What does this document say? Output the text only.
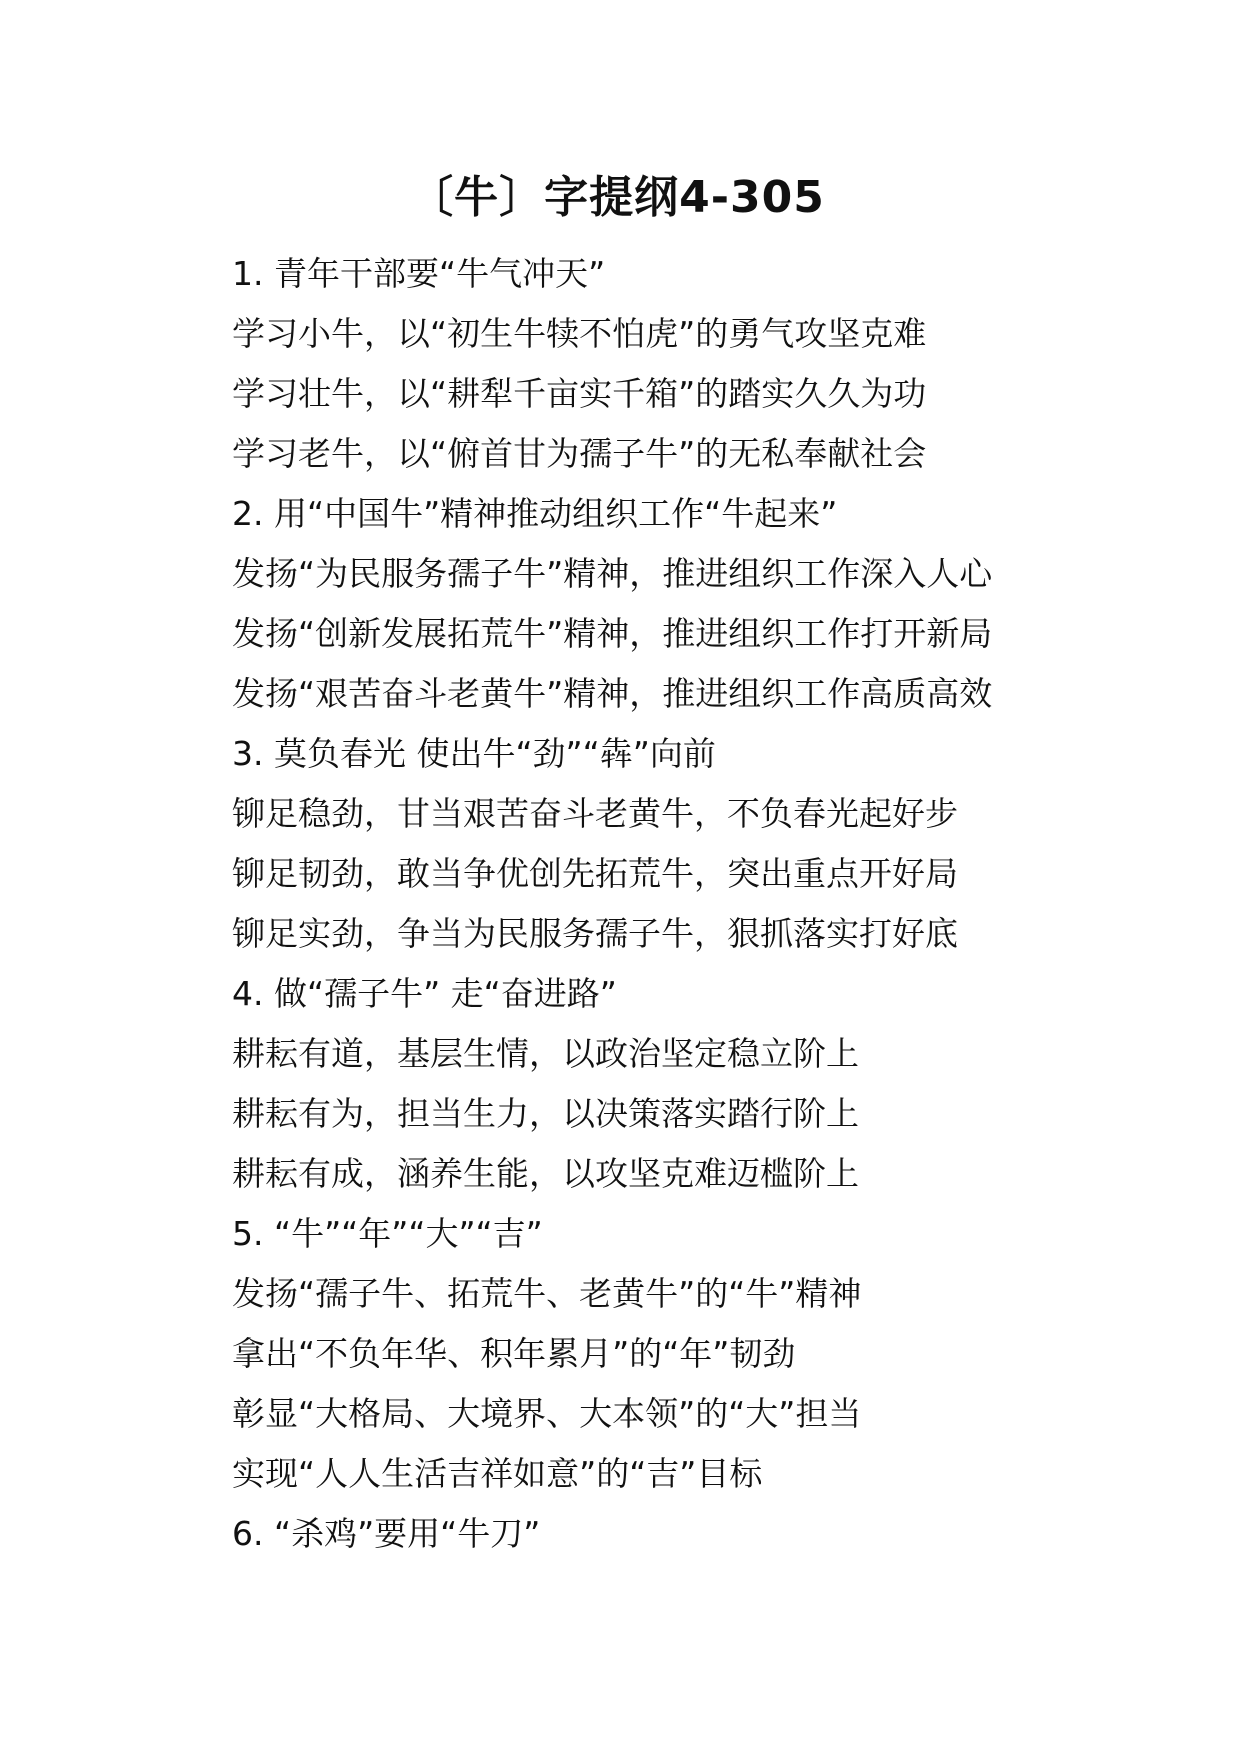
〔牛〕字提纲4-305
1. 青年干部要“牛气冲天”
学习小牛，以“初生牛犊不怕虎”的勇气攻坚克难
学习壮牛，以“耕犁千亩实千箱”的踏实久久为功
学习老牛，以“俯首甘为孺子牛”的无私奉献社会
2. 用“中国牛”精神推动组织工作“牛起来”
发扬“为民服务孺子牛”精神，推进组织工作深入人心
发扬“创新发展拓荒牛”精神，推进组织工作打开新局
发扬“艰苦奋斗老黄牛”精神，推进组织工作高质高效
3. 莫负春光 使出牛“劲”“犇”向前
铆足稳劲，甘当艰苦奋斗老黄牛，不负春光起好步
铆足韧劲，敢当争优创先拓荒牛，突出重点开好局
铆足实劲，争当为民服务孺子牛，狠抓落实打好底
4. 做“孺子牛” 走“奋进路”
耕耘有道，基层生情，以政治坚定稳立阶上
耕耘有为，担当生力，以决策落实踏行阶上
耕耘有成，涵养生能，以攻坚克难迈槛阶上
5. “牛”“年”“大”“吉”
发扬“孺子牛、拓荒牛、老黄牛”的“牛”精神
拿出“不负年华、积年累月”的“年”韧劲
彰显“大格局、大境界、大本领”的“大”担当
实现“人人生活吉祥如意”的“吉”目标
6. “杀鸡”要用“牛刀”
